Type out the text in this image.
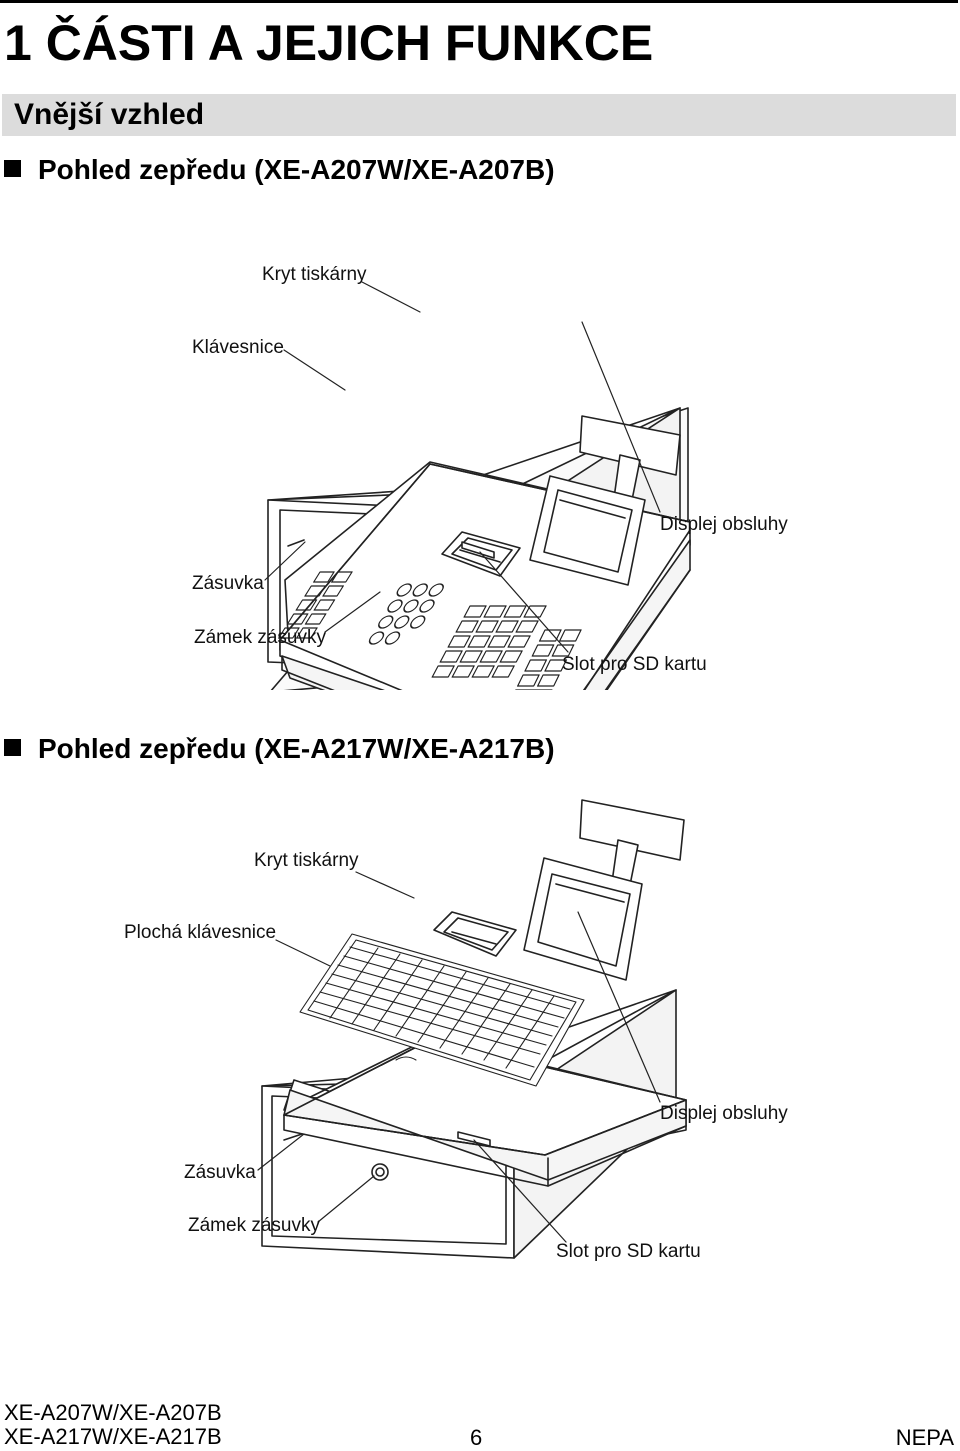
1 ČÁSTI A JEJICH FUNKCE
Vnější vzhled
Pohled zepředu (XE-A207W/XE-A207B)
Kryt tiskárny
Klávesnice
Displej obsluhy
Zásuvka
Zámek zásuvky
Slot pro SD kartu
Pohled zepředu (XE-A217W/XE-A217B)
Kryt tiskárny
Plochá klávesnice
Displej obsluhy
Zásuvka
Zámek zásuvky
Slot pro SD kartu
XE-A207W/XE-A207B
XE-A217W/XE-A217B	6	NEPA
